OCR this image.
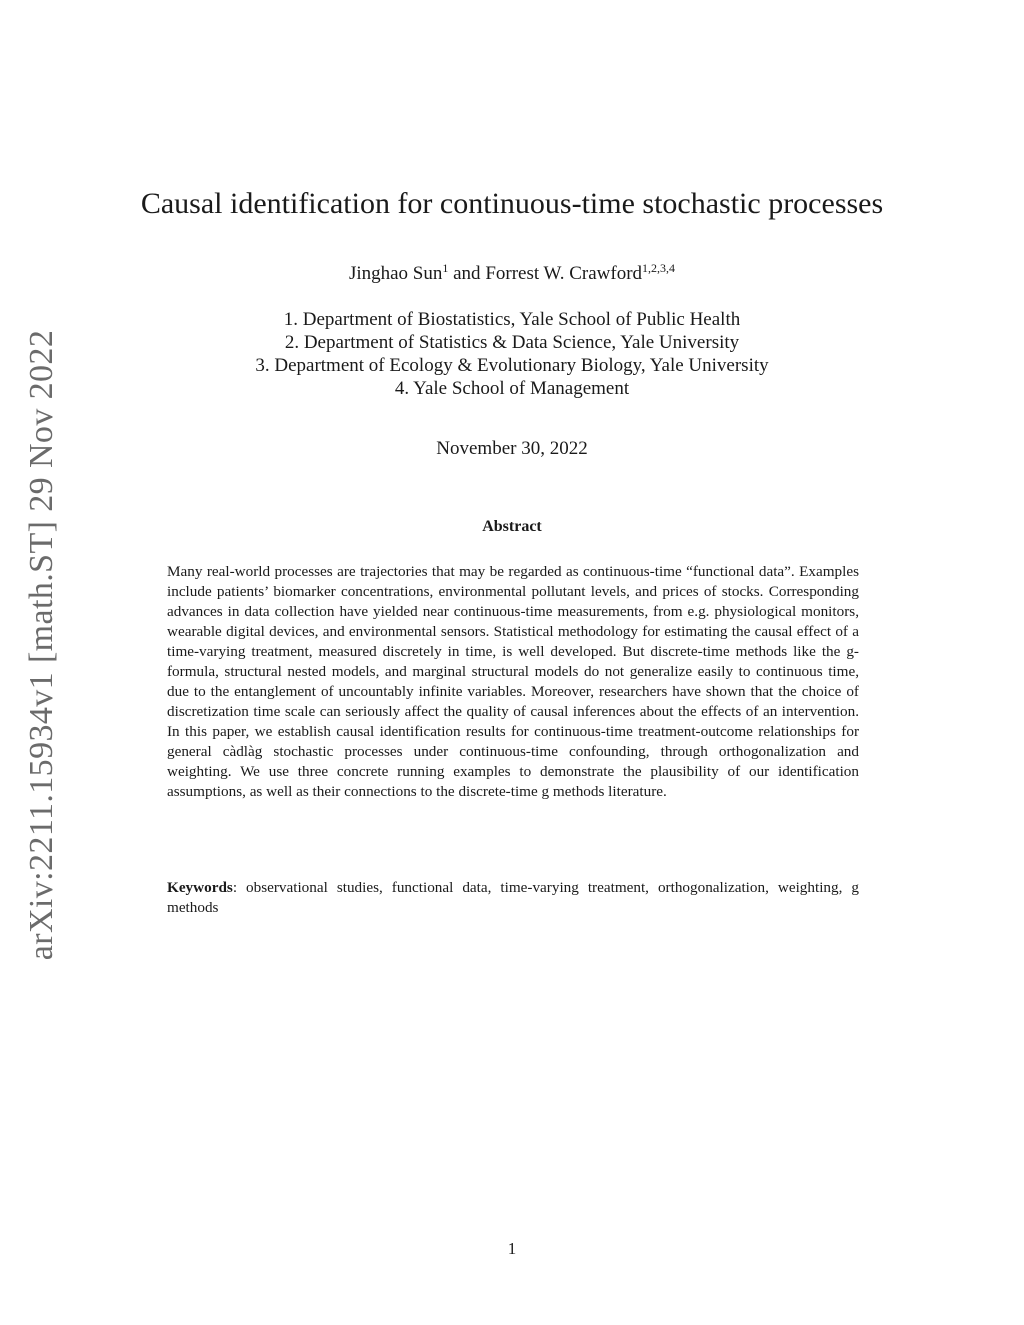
arXiv:2211.15934v1 [math.ST] 29 Nov 2022
Causal identification for continuous-time stochastic processes
Jinghao Sun$^1$ and Forrest W. Crawford$^{1,2,3,4}$
1. Department of Biostatistics, Yale School of Public Health
2. Department of Statistics & Data Science, Yale University
3. Department of Ecology & Evolutionary Biology, Yale University
4. Yale School of Management
November 30, 2022
Abstract
Many real-world processes are trajectories that may be regarded as continuous-time “functional data”. Examples include patients’ biomarker concentrations, environmental pollutant levels, and prices of stocks. Corresponding advances in data collection have yielded near continuous-time measurements, from e.g. physiological monitors, wearable digital devices, and environmental sensors. Statistical methodology for estimating the causal effect of a time-varying treatment, measured discretely in time, is well developed. But discrete-time methods like the g-formula, structural nested models, and marginal structural models do not generalize easily to continuous time, due to the entanglement of uncountably infinite variables. Moreover, researchers have shown that the choice of discretization time scale can seriously affect the quality of causal inferences about the effects of an intervention. In this paper, we establish causal identification results for continuous-time treatment-outcome relationships for general càdlàg stochastic processes under continuous-time confounding, through orthogonalization and weighting. We use three concrete running examples to demonstrate the plausibility of our identification assumptions, as well as their connections to the discrete-time g methods literature.
Keywords: observational studies, functional data, time-varying treatment, orthogonalization, weighting, g methods
1
